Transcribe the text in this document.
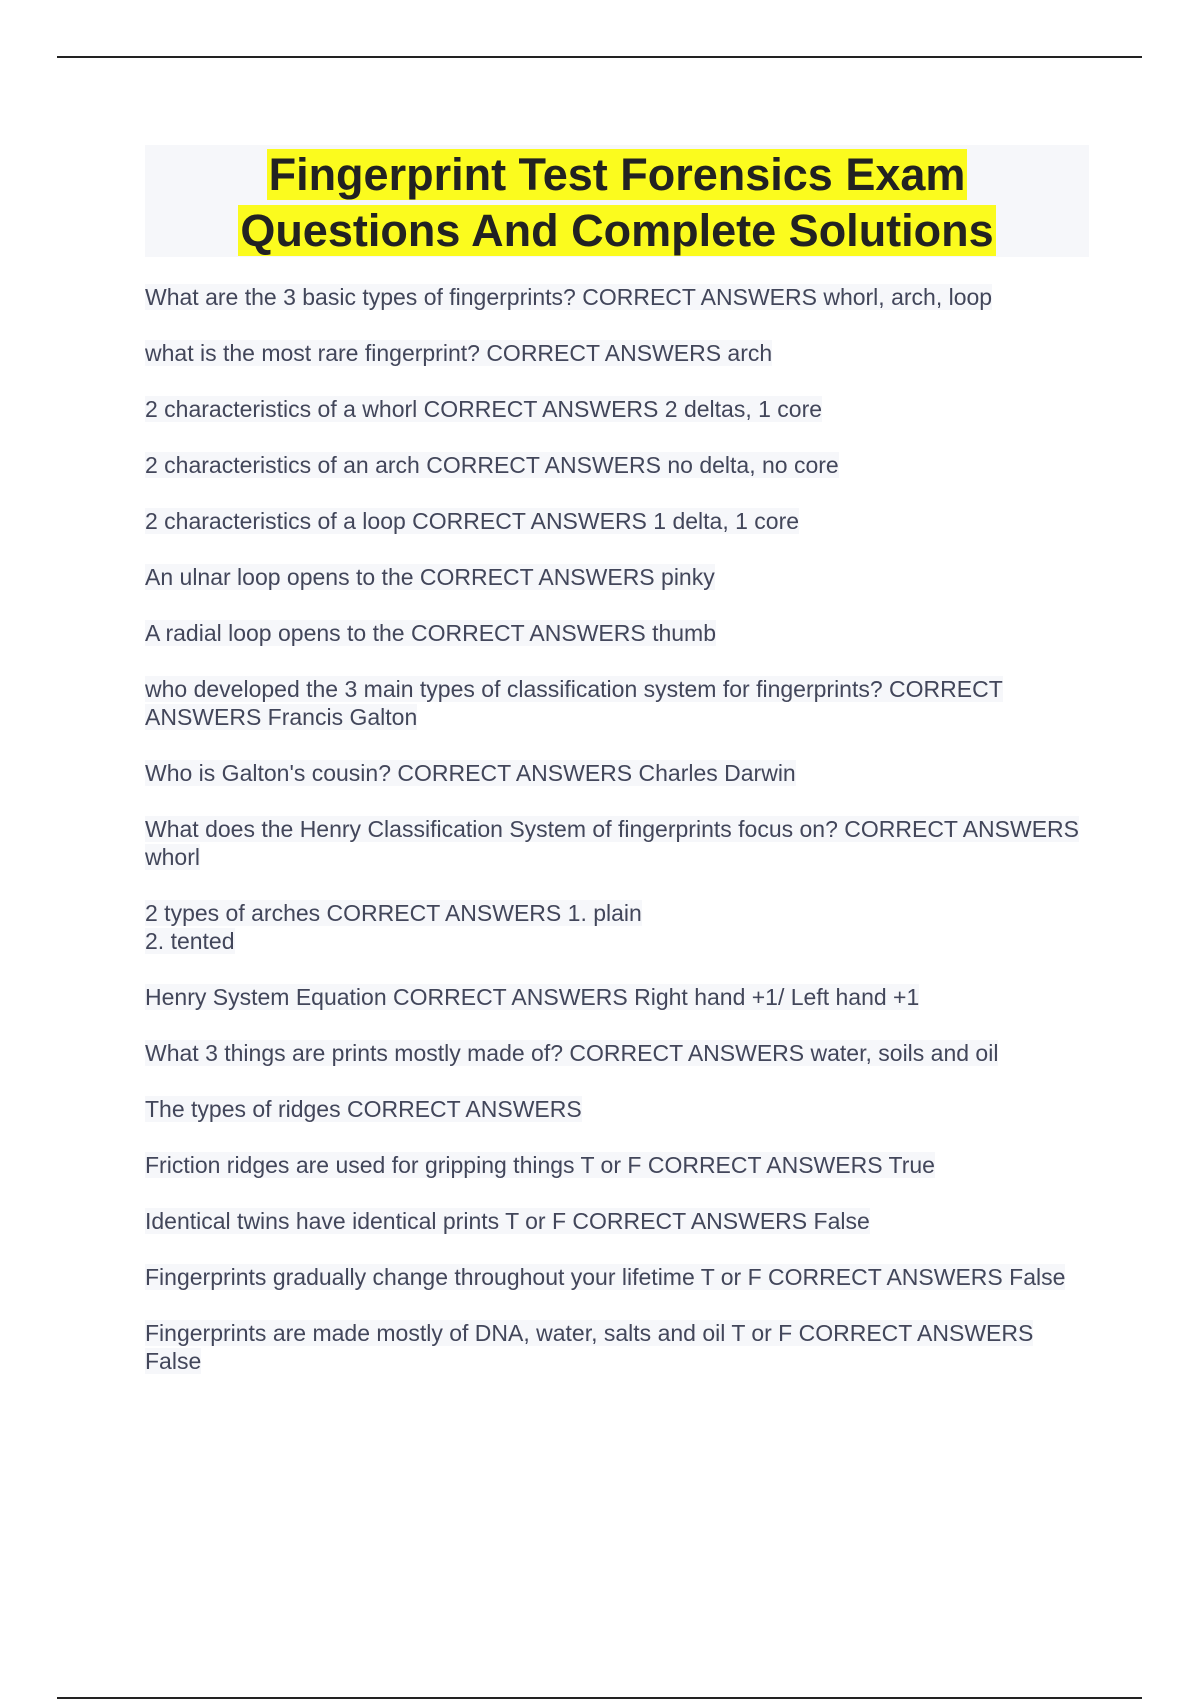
Fingerprint Test Forensics Exam
Questions And Complete Solutions
What are the 3 basic types of fingerprints? CORRECT ANSWERS whorl, arch, loop
what is the most rare fingerprint? CORRECT ANSWERS arch
2 characteristics of a whorl CORRECT ANSWERS 2 deltas, 1 core
2 characteristics of an arch CORRECT ANSWERS no delta, no core
2 characteristics of a loop CORRECT ANSWERS 1 delta, 1 core
An ulnar loop opens to the CORRECT ANSWERS pinky
A radial loop opens to the CORRECT ANSWERS thumb
who developed the 3 main types of classification system for fingerprints? CORRECT ANSWERS Francis Galton
Who is Galton's cousin? CORRECT ANSWERS Charles Darwin
What does the Henry Classification System of fingerprints focus on? CORRECT ANSWERS whorl
2 types of arches CORRECT ANSWERS 1. plain
2. tented
Henry System Equation CORRECT ANSWERS Right hand +1/ Left hand +1
What 3 things are prints mostly made of? CORRECT ANSWERS water, soils and oil
The types of ridges CORRECT ANSWERS
Friction ridges are used for gripping things T or F CORRECT ANSWERS True
Identical twins have identical prints T or F CORRECT ANSWERS False
Fingerprints gradually change throughout your lifetime T or F CORRECT ANSWERS False
Fingerprints are made mostly of DNA, water, salts and oil T or F CORRECT ANSWERS False
